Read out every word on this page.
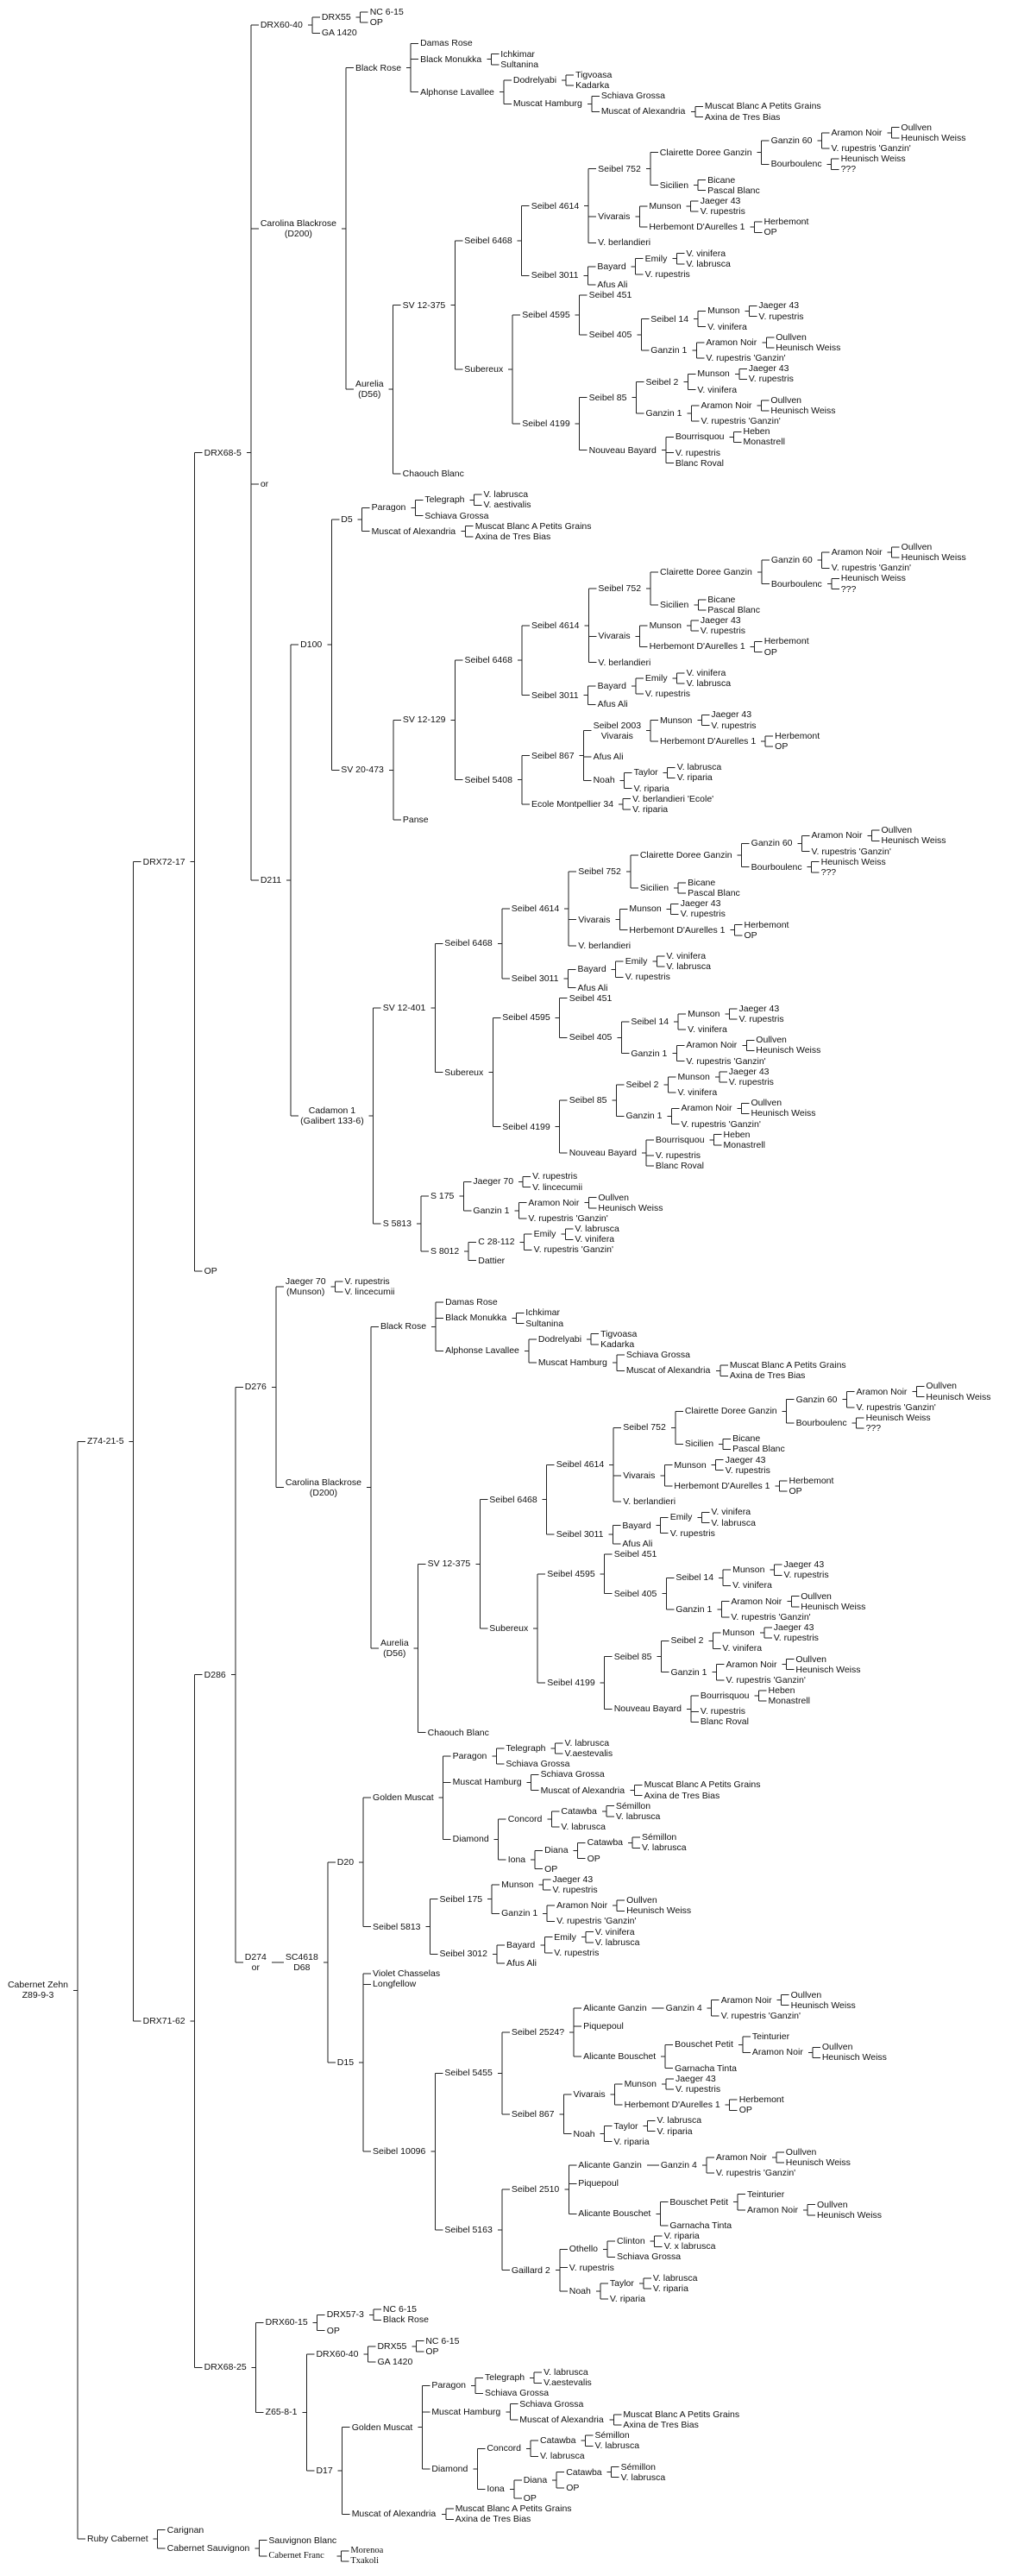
Cabernet Zehn
Z89-9-3
Z74-21-5
DRX72-17
DRX68-5
DRX60-40
DRX55
NC 6-15
OP
GA 1420
Carolina Blackrose
(D200)
Black Rose
Damas Rose
Black Monukka
Ichkimar
Sultanina
Alphonse Lavallee
Dodrelyabi
Tigvoasa
Kadarka
Muscat Hamburg
Schiava Grossa
Muscat of Alexandria
Muscat Blanc A Petits Grains
Axina de Tres Bias
Aurelia
(D56)
SV 12-375
Seibel 6468
Seibel 4614
Seibel 752
Clairette Doree Ganzin
Ganzin 60
Aramon Noir
Oullven
Heunisch Weiss
V. rupestris 'Ganzin'
Bourboulenc
Heunisch Weiss
???
Sicilien
Bicane
Pascal Blanc
Vivarais
Munson
Jaeger 43
V. rupestris
Herbemont D'Aurelles 1
Herbemont
OP
V. berlandieri
Seibel 3011
Bayard
Emily
V. vinifera
V. labrusca
V. rupestris
Afus Ali
Subereux
Seibel 4595
Seibel 451
Seibel 405
Seibel 14
Munson
Jaeger 43
V. rupestris
V. vinifera
Ganzin 1
Aramon Noir
Oullven
Heunisch Weiss
V. rupestris 'Ganzin'
Seibel 4199
Seibel 85
Seibel 2
Munson
Jaeger 43
V. rupestris
V. vinifera
Ganzin 1
Aramon Noir
Oullven
Heunisch Weiss
V. rupestris 'Ganzin'
Nouveau Bayard
Bourrisquou
Heben
Monastrell
V. rupestris
Blanc Roval
Chaouch Blanc
or
D211
D100
D5
Paragon
Telegraph
V. labrusca
V. aestivalis
Schiava Grossa
Muscat of Alexandria
Muscat Blanc A Petits Grains
Axina de Tres Bias
SV 20-473
SV 12-129
Seibel 6468
Seibel 4614
Seibel 752
Clairette Doree Ganzin
Ganzin 60
Aramon Noir
Oullven
Heunisch Weiss
V. rupestris 'Ganzin'
Bourboulenc
Heunisch Weiss
???
Sicilien
Bicane
Pascal Blanc
Vivarais
Munson
Jaeger 43
V. rupestris
Herbemont D'Aurelles 1
Herbemont
OP
V. berlandieri
Seibel 3011
Bayard
Emily
V. vinifera
V. labrusca
V. rupestris
Afus Ali
Seibel 5408
Seibel 867
Seibel 2003
Vivarais
Munson
Jaeger 43
V. rupestris
Herbemont D'Aurelles 1
Herbemont
OP
Afus Ali
Noah
Taylor
V. labrusca
V. riparia
V. riparia
Ecole Montpellier 34
V. berlandieri 'Ecole'
V. riparia
Panse
Cadamon 1
(Galibert 133-6)
SV 12-401
Seibel 6468
Seibel 4614
Seibel 752
Clairette Doree Ganzin
Ganzin 60
Aramon Noir
Oullven
Heunisch Weiss
V. rupestris 'Ganzin'
Bourboulenc
Heunisch Weiss
???
Sicilien
Bicane
Pascal Blanc
Vivarais
Munson
Jaeger 43
V. rupestris
Herbemont D'Aurelles 1
Herbemont
OP
V. berlandieri
Seibel 3011
Bayard
Emily
V. vinifera
V. labrusca
V. rupestris
Afus Ali
Subereux
Seibel 4595
Seibel 451
Seibel 405
Seibel 14
Munson
Jaeger 43
V. rupestris
V. vinifera
Ganzin 1
Aramon Noir
Oullven
Heunisch Weiss
V. rupestris 'Ganzin'
Seibel 4199
Seibel 85
Seibel 2
Munson
Jaeger 43
V. rupestris
V. vinifera
Ganzin 1
Aramon Noir
Oullven
Heunisch Weiss
V. rupestris 'Ganzin'
Nouveau Bayard
Bourrisquou
Heben
Monastrell
V. rupestris
Blanc Roval
S 5813
S 175
Jaeger 70
V. rupestris
V. lincecumii
Ganzin 1
Aramon Noir
Oullven
Heunisch Weiss
V. rupestris 'Ganzin'
S 8012
C 28-112
Emily
V. labrusca
V. vinifera
V. rupestris 'Ganzin'
Dattier
OP
DRX71-62
D286
D276
Jaeger 70
(Munson)
V. rupestris
V. lincecumii
Carolina Blackrose
(D200)
Black Rose
Damas Rose
Black Monukka
Ichkimar
Sultanina
Alphonse Lavallee
Dodrelyabi
Tigvoasa
Kadarka
Muscat Hamburg
Schiava Grossa
Muscat of Alexandria
Muscat Blanc A Petits Grains
Axina de Tres Bias
Aurelia
(D56)
SV 12-375
Seibel 6468
Seibel 4614
Seibel 752
Clairette Doree Ganzin
Ganzin 60
Aramon Noir
Oullven
Heunisch Weiss
V. rupestris 'Ganzin'
Bourboulenc
Heunisch Weiss
???
Sicilien
Bicane
Pascal Blanc
Vivarais
Munson
Jaeger 43
V. rupestris
Herbemont D'Aurelles 1
Herbemont
OP
V. berlandieri
Seibel 3011
Bayard
Emily
V. vinifera
V. labrusca
V. rupestris
Afus Ali
Subereux
Seibel 4595
Seibel 451
Seibel 405
Seibel 14
Munson
Jaeger 43
V. rupestris
V. vinifera
Ganzin 1
Aramon Noir
Oullven
Heunisch Weiss
V. rupestris 'Ganzin'
Seibel 4199
Seibel 85
Seibel 2
Munson
Jaeger 43
V. rupestris
V. vinifera
Ganzin 1
Aramon Noir
Oullven
Heunisch Weiss
V. rupestris 'Ganzin'
Nouveau Bayard
Bourrisquou
Heben
Monastrell
V. rupestris
Blanc Roval
Chaouch Blanc
D274
or
SC4618
D68
D20
Golden Muscat
Paragon
Telegraph
V. labrusca
V.aestevalis
Schiava Grossa
Muscat Hamburg
Schiava Grossa
Muscat of Alexandria
Muscat Blanc A Petits Grains
Axina de Tres Bias
Diamond
Concord
Catawba
Sémillon
V. labrusca
V. labrusca
Iona
Diana
Catawba
Sémillon
V. labrusca
OP
OP
Seibel 5813
Seibel 175
Munson
Jaeger 43
V. rupestris
Ganzin 1
Aramon Noir
Oullven
Heunisch Weiss
V. rupestris 'Ganzin'
Seibel 3012
Bayard
Emily
V. vinifera
V. labrusca
V. rupestris
Afus Ali
D15
Violet Chasselas
Longfellow
Seibel 10096
Seibel 5455
Seibel 2524?
Alicante Ganzin Ganzin 4
Aramon Noir
Oullven
Heunisch Weiss
V. rupestris 'Ganzin'
Piquepoul
Alicante Bouschet
Bouschet Petit
Teinturier
Aramon Noir
Oullven
Heunisch Weiss
Garnacha Tinta
Seibel 867
Vivarais
Munson
Jaeger 43
V. rupestris
Herbemont D'Aurelles 1
Herbemont
OP
Noah
Taylor
V. labrusca
V. riparia
V. riparia
Seibel 5163
Seibel 2510
Alicante Ganzin Ganzin 4
Aramon Noir
Oullven
Heunisch Weiss
V. rupestris 'Ganzin'
Piquepoul
Alicante Bouschet
Bouschet Petit
Teinturier
Aramon Noir
Oullven
Heunisch Weiss
Garnacha Tinta
Gaillard 2
Othello
Clinton
V. riparia
V. x labrusca
Schiava Grossa
V. rupestris
Noah
Taylor
V. labrusca
V. riparia
V. riparia
DRX68-25
DRX60-15
DRX57-3
NC 6-15
Black Rose
OP
Z65-8-1
DRX60-40
DRX55
NC 6-15
OP
GA 1420
D17
Golden Muscat
Paragon
Telegraph
V. labrusca
V.aestevalis
Schiava Grossa
Muscat Hamburg
Schiava Grossa
Muscat of Alexandria
Muscat Blanc A Petits Grains
Axina de Tres Bias
Diamond
Concord
Catawba
Sémillon
V. labrusca
V. labrusca
Iona
Diana
Catawba
Sémillon
V. labrusca
OP
OP
Muscat of Alexandria
Muscat Blanc A Petits Grains
Axina de Tres Bias
Ruby Cabernet
Carignan
Cabernet Sauvignon
Sauvignon Blanc
Cabernet Franc
Morenoa
Txakoli
